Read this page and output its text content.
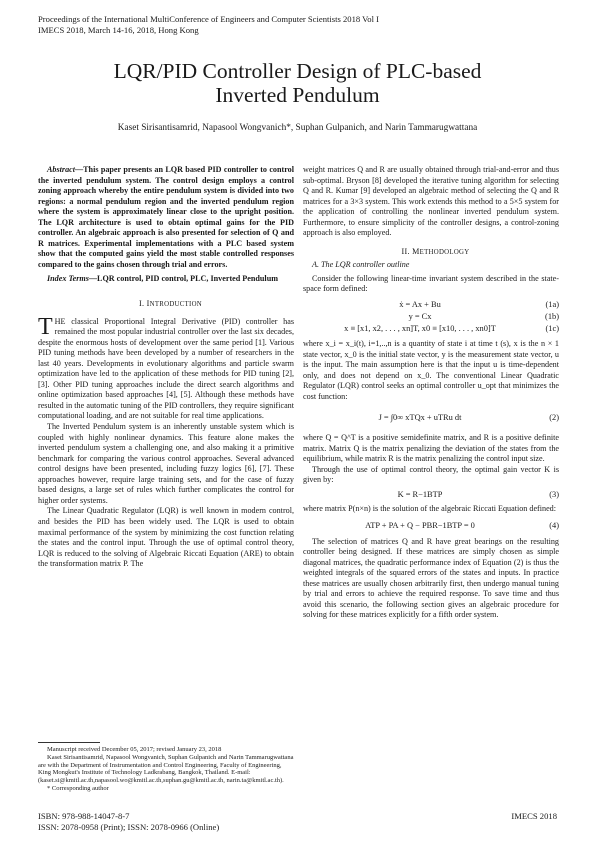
Proceedings of the International MultiConference of Engineers and Computer Scientists 2018 Vol I
IMECS 2018, March 14-16, 2018, Hong Kong
LQR/PID Controller Design of PLC-based
Inverted Pendulum
Kaset Sirisantisamrid, Napasool Wongvanich*, Suphan Gulpanich, and Narin Tammarugwattana

Abstract—This paper presents an LQR based PID controller to control the inverted pendulum system. The control design employs a control zoning approach whereby the entire pendulum system is divided into two regions: a normal pendulum region and the inverted pendulum region where the system is approximately linear close to the upright position. The LQR architecture is used to obtain optimal gains for the PID controller. An algebraic approach is also presented for selection of Q and R matrices. Experimental implementations with a PLC based system show that the computed gains yield the most stable controlled responses compared to the gains chosen through trial and errors.

Index Terms—LQR control, PID control, PLC, Inverted Pendulum

I. INTRODUCTION

THE classical Proportional Integral Derivative (PID) controller has remained the most popular industrial controller over the last six decades, despite the enormous hosts of development over the same period [1]. Various PID tuning methods have been developed by a number of researchers in the last 40 years. Developments in evolutionary algorithms and particle swarm optimization have led to the application of these methods for PID tuning [2], [3]. Other PID tuning approaches include the direct search algorithms and online optimization based approaches [4], [5]. Although these methods have resulted in the automatic tuning of the PID controllers, they require significant computational loading, and are not suitable for real time applications.

The Inverted Pendulum system is an inherently unstable system which is coupled with highly nonlinear dynamics. This feature alone makes the inverted pendulum system a challenging one, and also making it a primitive benchmark for comparing the various control approaches. Several advanced control designs have been presented, including fuzzy logics [6], [7]. These approaches however, require large training sets, and for the case of fuzzy based designs, a large set of rules which further complicates the control for higher order systems.

The Linear Quadratic Regulator (LQR) is well known in modern control, and besides the PID has been widely used. The LQR is used to obtain maximal performance of the system by minimizing the cost function relating the states and the control input. Through the use of optimal control theory, LQR is reduced to the solving of Algebraic Riccati Equation (ARE) to obtain the transformation matrix P. The

Manuscript received December 05, 2017; revised January 23, 2018
Kaset Sirisantisamrid, Napasool Wongvanich, Suphan Gulpanich and Narin Tammarugwattana are with the Department of Instrumentation and Control Engineering, Faculty of Engineering, King Mongkut's Institute of Technology Ladkrabang, Bangkok, Thailand. E-mail: (kaset.si@kmitl.ac.th,napasool.wo@kmitl.ac.th,suphan.gu@kmitl.ac.th, narin.ta@kmitl.ac.th).
* Corresponding author

weight matrices Q and R are usually obtained through trial-and-error and thus sub-optimal. Bryson [8] developed the iterative tuning algorithm for selecting Q and R. Kumar [9] developed an algebraic method of selecting the Q and R matrices for a 3×3 system. This work extends this method to a 5×5 system for the application of controlling the nonlinear inverted pendulum system. Furthermore, to ensure simplicity of the controller designs, a control-zoning approach is also employed.

II. METHODOLOGY

A. The LQR controller outline

Consider the following linear-time invariant system described in the state-space form defined:

ẋ = Ax + Bu	(1a)
y = Cx	(1b)
x ≡ [x1, x2, . . . , xn]T, x0 ≡ [x10, . . . , xn0]T	(1c)

where x_i = x_i(t), i=1,..,n is a quantity of state i at time t (s), x is the n × 1 state vector, x_0 is the initial state vector, y is the measurement state vector, u is the input. The main assumption here is that the input u is time-dependent only, and does not depend on x_0. The conventional Linear Quadratic Regulator (LQR) control seeks an optimal controller u_opt that minimizes the cost function:

J = ∫0∞ xTQx + uTRu dt	(2)

where Q = Q^T is a positive semidefinite matrix, and R is a positive definite matrix. Matrix Q is the matrix penalizing the deviation of the states from the equilibrium, while matrix R is the matrix penalizing the control input size.

Through the use of optimal control theory, the optimal gain vector K is given by:

K = R−1BTP	(3)

where matrix P(n×n) is the solution of the algebraic Riccati Equation defined:

ATP + PA + Q − PBR−1BTP = 0	(4)

The selection of matrices Q and R have great bearings on the resulting controller being designed. If these matrices are simply chosen as simple diagonal matrices, the quadratic performance index of Equation (2) is thus the weighted integrals of the squared errors of the states and inputs. In practice these matrices are usually chosen arbitrarily first, then undergo manual tuning by trial and errors to achieve the required response. To save time and thus avoid this scenario, the following section gives an algebraic procedure for solving for these matrices explicitly for a fifth order system.

ISBN: 978-988-14047-8-7
ISSN: 2078-0958 (Print); ISSN: 2078-0966 (Online)
IMECS 2018
